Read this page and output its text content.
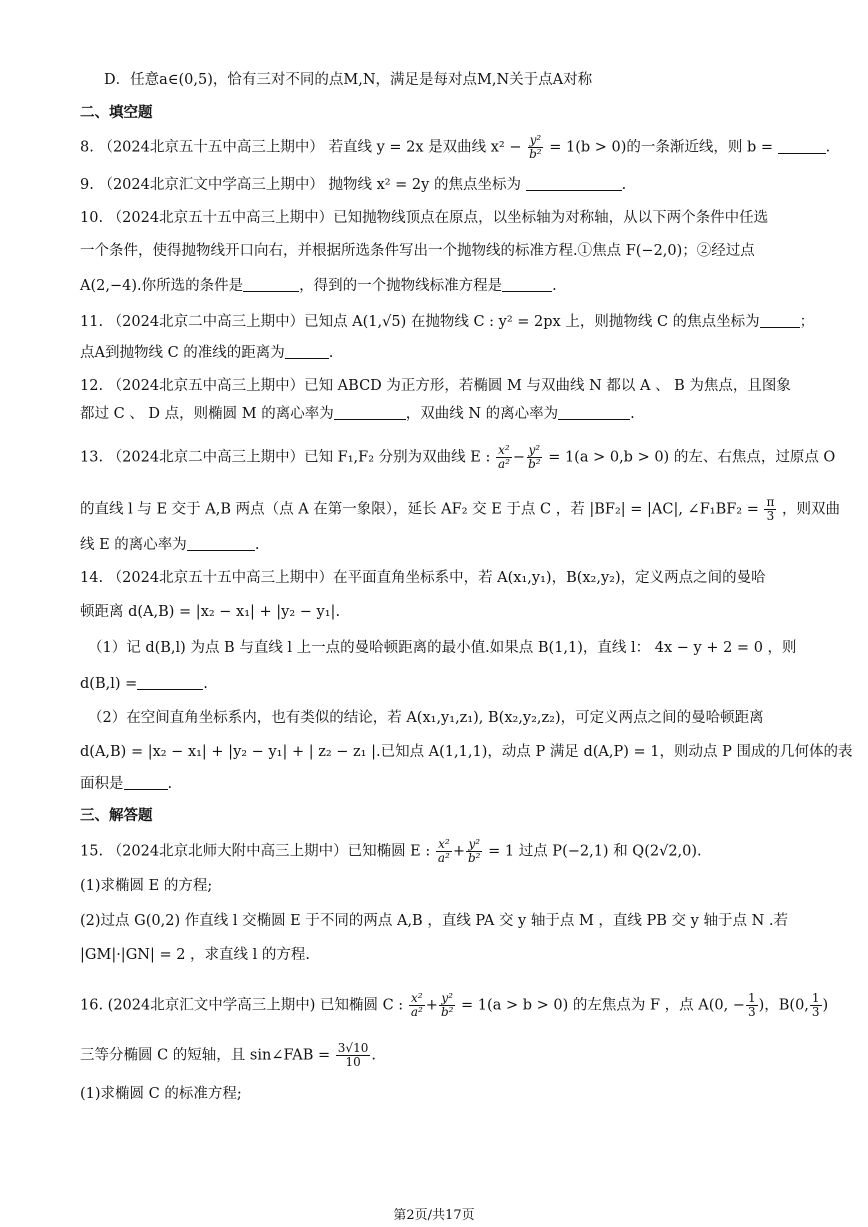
D．任意a∈(0,5)，恰有三对不同的点M,N，满足是每对点M,N关于点A对称
二、填空题
8. （2024北京五十五中高三上期中） 若直线 y = 2x 是双曲线 $x^2 - \frac{\text{y²}}{\text{b²}} = 1(b > 0)$的一条渐近线，则 b =	.
9. （2024北京汇文中学高三上期中） 抛物线 x² = 2y 的焦点坐标为	.
10. （2024北京五十五中高三上期中）已知抛物线顶点在原点，以坐标轴为对称轴，从以下两个条件中任选
一个条件，使得抛物线开口向右，并根据所选条件写出一个抛物线的标准方程.①焦点 F(−2,0)；②经过点
A(2,−4).你所选的条件是	，得到的一个抛物线标准方程是	.
11. （2024北京二中高三上期中）已知点 A(1,√5) 在抛物线 C : y² = 2px 上，则抛物线 C 的焦点坐标为	；
点A到抛物线 C 的准线的距离为	.
12. （2024北京五中高三上期中）已知 ABCD 为正方形，若椭圆 M 与双曲线 N 都以 A 、 B 为焦点，且图象
都过 C 、 D 点，则椭圆 M 的离心率为	，双曲线 N 的离心率为	.
13. （2024北京二中高三上期中）已知 F₁,F₂ 分别为双曲线 E : $\frac{\text{x²}}{\text{a²}} - \frac{\text{y²}}{\text{b²}} = 1(a > 0,b > 0)$ 的左、右焦点，过原点 O
的直线 l 与 E 交于 A,B 两点（点 A 在第一象限），延长 AF₂ 交 E 于点 C ，若 |BF₂| = |AC|, ∠F₁BF₂ = $\frac{\pi}{3}$ ，则双曲
线 E 的离心率为	.
14. （2024北京五十五中高三上期中）在平面直角坐标系中，若 A(x₁,y₁)，B(x₂,y₂)，定义两点之间的曼哈
顿距离 d(A,B) = |x₂ − x₁| + |y₂ − y₁|.
（1）记 d(B,l) 为点 B 与直线 l 上一点的曼哈顿距离的最小值.如果点 B(1,1)，直线 l： 4x − y + 2 = 0 ，则
d(B,l) =	.
（2）在空间直角坐标系内，也有类似的结论，若 A(x₁,y₁,z₁), B(x₂,y₂,z₂)，可定义两点之间的曼哈顿距离
d(A,B) = |x₂ − x₁| + |y₂ − y₁| + | z₂ − z₁ |.已知点 A(1,1,1)，动点 P 满足 d(A,P) = 1，则动点 P 围成的几何体的表
面积是	.
三、解答题
15. （2024北京北师大附中高三上期中）已知椭圆 E : $\frac{\text{x²}}{\text{a²}} + \frac{\text{y²}}{\text{b²}} = 1$ 过点 P(−2,1) 和 Q(2√2,0).
(1)求椭圆 E 的方程;
(2)过点 G(0,2) 作直线 l 交椭圆 E 于不同的两点 A,B ，直线 PA 交 y 轴于点 M ，直线 PB 交 y 轴于点 N .若
|GM|·|GN| = 2 ，求直线 l 的方程.
16. (2024北京汇文中学高三上期中) 已知椭圆 C : $\frac{\text{x²}}{\text{a²}} + \frac{\text{y²}}{\text{b²}} = 1(a > b > 0)$ 的左焦点为 F ，点 A(0, − $\frac{1}{3}$ )，B(0, $\frac{1}{3}$ )
三等分椭圆 C 的短轴，且 sin∠FAB = $\frac{3√10}{10}$ .
(1)求椭圆 C 的标准方程;
第2页/共17页
